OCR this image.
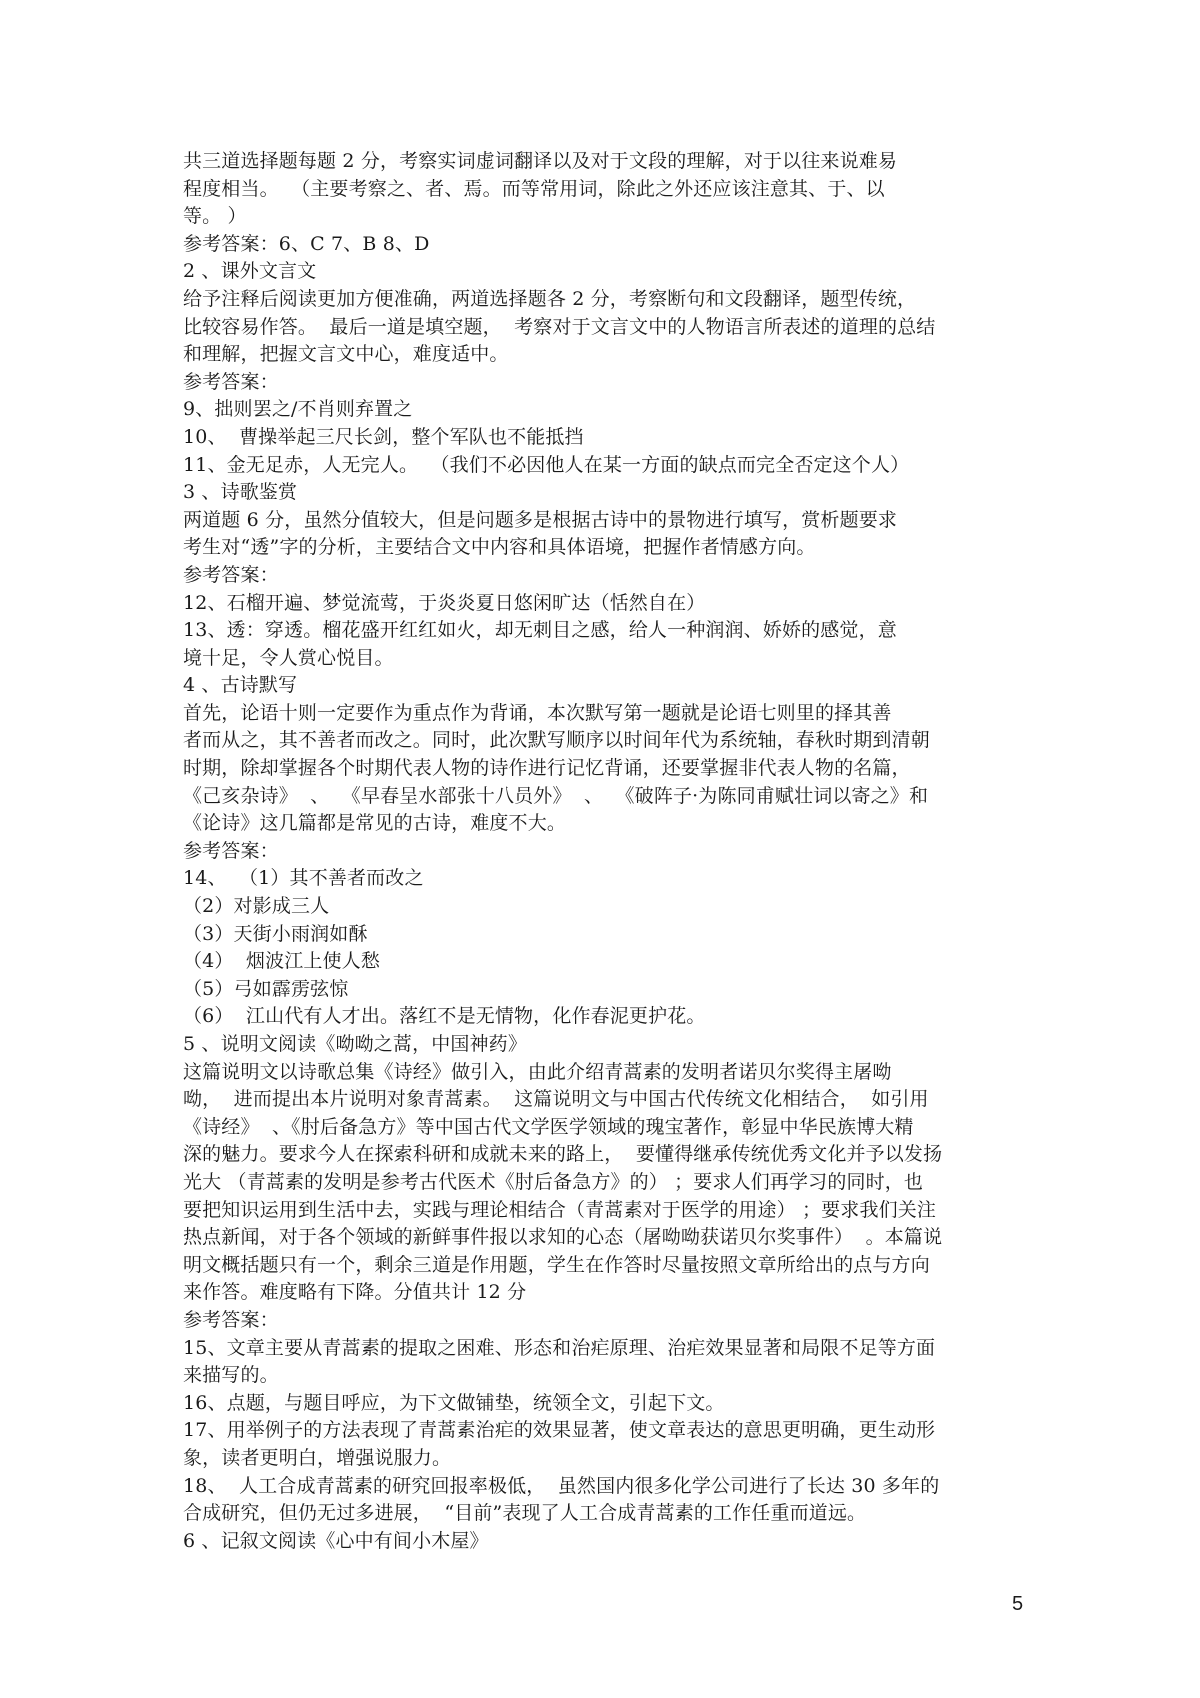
共三道选择题每题 2 分，考察实词虚词翻译以及对于文段的理解，对于以往来说难易
程度相当。  （主要考察之、者、焉。而等常用词，除此之外还应该注意其、于、以
等。 ）
参考答案：6、C 7、B 8、D
2 、课外文言文
给予注释后阅读更加方便准确，两道选择题各 2 分，考察断句和文段翻译，题型传统，
比较容易作答。  最后一道是填空题，  考察对于文言文中的人物语言所表述的道理的总结
和理解，把握文言文中心，难度适中。
参考答案：
9、拙则罢之/不肖则弃置之
10、  曹操举起三尺长剑，整个军队也不能抵挡
11、金无足赤，人无完人。  （我们不必因他人在某一方面的缺点而完全否定这个人）
3 、诗歌鉴赏
两道题 6 分，虽然分值较大，但是问题多是根据古诗中的景物进行填写，赏析题要求
考生对“透”字的分析，主要结合文中内容和具体语境，把握作者情感方向。
参考答案：
12、石榴开遍、梦觉流莺，于炎炎夏日悠闲旷达（恬然自在）
13、透：穿透。榴花盛开红红如火，却无刺目之感，给人一种润润、娇娇的感觉，意
境十足，令人赏心悦目。
4 、古诗默写
首先，论语十则一定要作为重点作为背诵，本次默写第一题就是论语七则里的择其善
者而从之，其不善者而改之。同时，此次默写顺序以时间年代为系统轴，春秋时期到清朝
时期，除却掌握各个时期代表人物的诗作进行记忆背诵，还要掌握非代表人物的名篇，
《己亥杂诗》  、  《早春呈水部张十八员外》  、  《破阵子·为陈同甫赋壮词以寄之》和
《论诗》这几篇都是常见的古诗，难度不大。
参考答案：
14、  （1）其不善者而改之
（2）对影成三人
（3）天街小雨润如酥
（4）  烟波江上使人愁
（5）弓如霹雳弦惊
（6）  江山代有人才出。落红不是无情物，化作春泥更护花。
5 、说明文阅读《呦呦之蒿，中国神药》
这篇说明文以诗歌总集《诗经》做引入，由此介绍青蒿素的发明者诺贝尔奖得主屠呦
呦，  进而提出本片说明对象青蒿素。  这篇说明文与中国古代传统文化相结合，  如引用
《诗经》  、《肘后备急方》等中国古代文学医学领域的瑰宝著作，彰显中华民族博大精
深的魅力。要求今人在探索科研和成就未来的路上，  要懂得继承传统优秀文化并予以发扬
光大 （青蒿素的发明是参考古代医术《肘后备急方》的） ；要求人们再学习的同时，也
要把知识运用到生活中去，实践与理论相结合（青蒿素对于医学的用途） ；要求我们关注
热点新闻，对于各个领域的新鲜事件报以求知的心态（屠呦呦获诺贝尔奖事件）  。本篇说
明文概括题只有一个，剩余三道是作用题，学生在作答时尽量按照文章所给出的点与方向
来作答。难度略有下降。分值共计 12 分
参考答案：
15、文章主要从青蒿素的提取之困难、形态和治疟原理、治疟效果显著和局限不足等方面
来描写的。
16、点题，与题目呼应，为下文做铺垫，统领全文，引起下文。
17、用举例子的方法表现了青蒿素治疟的效果显著，使文章表达的意思更明确，更生动形
象，读者更明白，增强说服力。
18、  人工合成青蒿素的研究回报率极低，  虽然国内很多化学公司进行了长达 30 多年的
合成研究，但仍无过多进展，  “目前”表现了人工合成青蒿素的工作任重而道远。
6 、记叙文阅读《心中有间小木屋》
5
